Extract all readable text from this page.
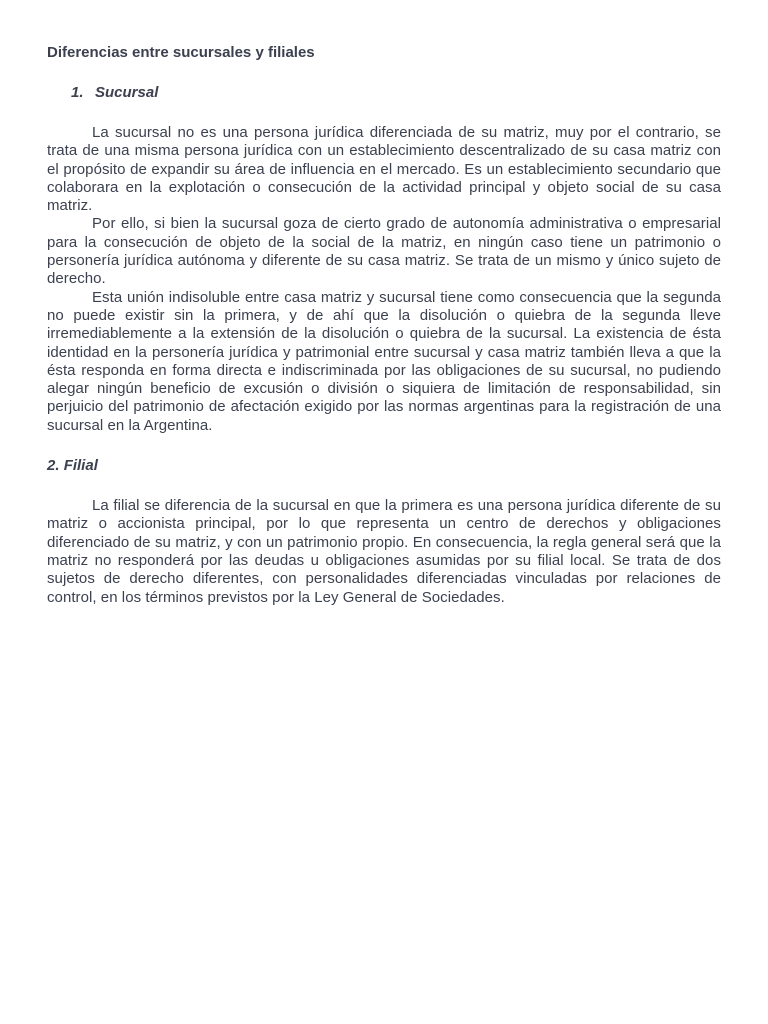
Diferencias entre sucursales y filiales
1. Sucursal

La sucursal no es una persona jurídica diferenciada de su matriz, muy por el contrario, se trata de una misma persona jurídica con un establecimiento descentralizado de su casa matriz con el propósito de expandir su área de influencia en el mercado. Es un establecimiento secundario que colaborara en la explotación o consecución de la actividad principal y objeto social de su casa matriz.

Por ello, si bien la sucursal goza de cierto grado de autonomía administrativa o empresarial para la consecución de objeto de la social de la matriz, en ningún caso tiene un patrimonio o personería jurídica autónoma y diferente de su casa matriz. Se trata de un mismo y único sujeto de derecho.

Esta unión indisoluble entre casa matriz y sucursal tiene como consecuencia que la segunda no puede existir sin la primera, y de ahí que la disolución o quiebra de la segunda lleve irremediablemente a la extensión de la disolución o quiebra de la sucursal. La existencia de ésta identidad en la personería jurídica y patrimonial entre sucursal y casa matriz también lleva a que la ésta responda en forma directa e indiscriminada por las obligaciones de su sucursal, no pudiendo alegar ningún beneficio de excusión o división o siquiera de limitación de responsabilidad, sin perjuicio del patrimonio de afectación exigido por las normas argentinas para la registración de una sucursal en la Argentina.

2. Filial

La filial se diferencia de la sucursal en que la primera es una persona jurídica diferente de su matriz o accionista principal, por lo que representa un centro de derechos y obligaciones diferenciado de su matriz, y con un patrimonio propio. En consecuencia, la regla general será que la matriz no responderá por las deudas u obligaciones asumidas por su filial local. Se trata de dos sujetos de derecho diferentes, con personalidades diferenciadas vinculadas por relaciones de control, en los términos previstos por la Ley General de Sociedades.
